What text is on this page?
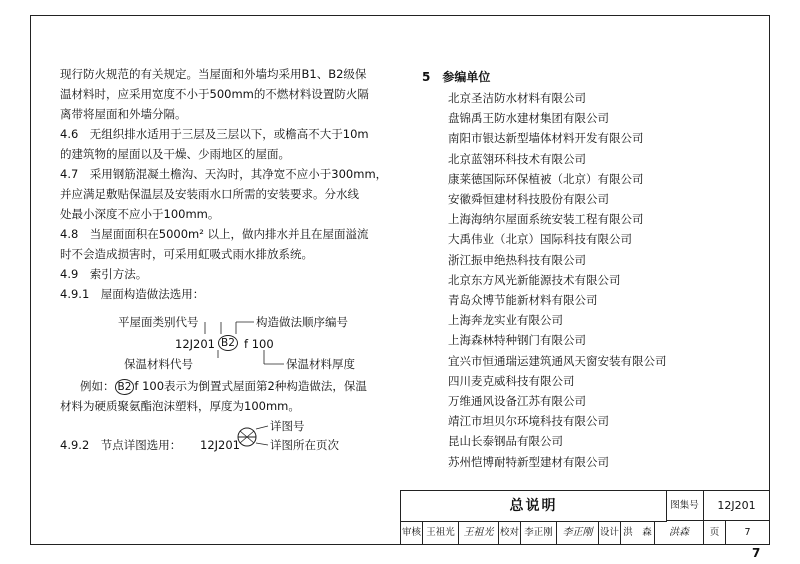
现行防火规范的有关规定。当屋面和外墙均采用B1、B2级保
温材料时，应采用宽度不小于500mm的不燃材料设置防火隔
离带将屋面和外墙分隔。
4.6　无组织排水适用于三层及三层以下，或檐高不大于10m
的建筑物的屋面以及干燥、少雨地区的屋面。
4.7　采用钢筋混凝土檐沟、天沟时，其净宽不应小于300mm，
并应满足敷贴保温层及安装雨水口所需的安装要求。分水线
处最小深度不应小于100mm。
4.8　当屋面面积在5000m² 以上，做内排水并且在屋面溢流
时不会造成损害时，可采用虹吸式雨水排放系统。
4.9　索引方法。
4.9.1　屋面构造做法选用：
平屋面类别代号	构造做法顺序编号
12J201 B2 f 100
保温材料代号	保温材料厚度
例如： B2 f 100表示为倒置式屋面第2种构造做法，保温
材料为硬质聚氨酯泡沫塑料，厚度为100mm。
4.9.2　节点详图选用： 12J201
详图号
详图所在页次
5　参编单位
北京圣洁防水材料有限公司
盘锦禹王防水建材集团有限公司
南阳市银达新型墙体材料开发有限公司
北京蓝翎环科技术有限公司
康莱德国际环保植被（北京）有限公司
安徽舜恒建材科技股份有限公司
上海海纳尔屋面系统安装工程有限公司
大禹伟业（北京）国际科技有限公司
浙江振申绝热科技有限公司
北京东方风光新能源技术有限公司
青岛众博节能新材料有限公司
上海奔龙实业有限公司
上海森林特种钢门有限公司
宜兴市恒通瑞运建筑通风天窗安装有限公司
四川麦克威科技有限公司
万维通风设备江苏有限公司
靖江市坦贝尔环境科技有限公司
昆山长泰钢品有限公司
苏州恺博耐特新型建材有限公司
总说明	图集号	12J201
审核 王祖光 王祖光 校对 李正刚 李正刚 设计 洪　森	洪森	页	7
7
